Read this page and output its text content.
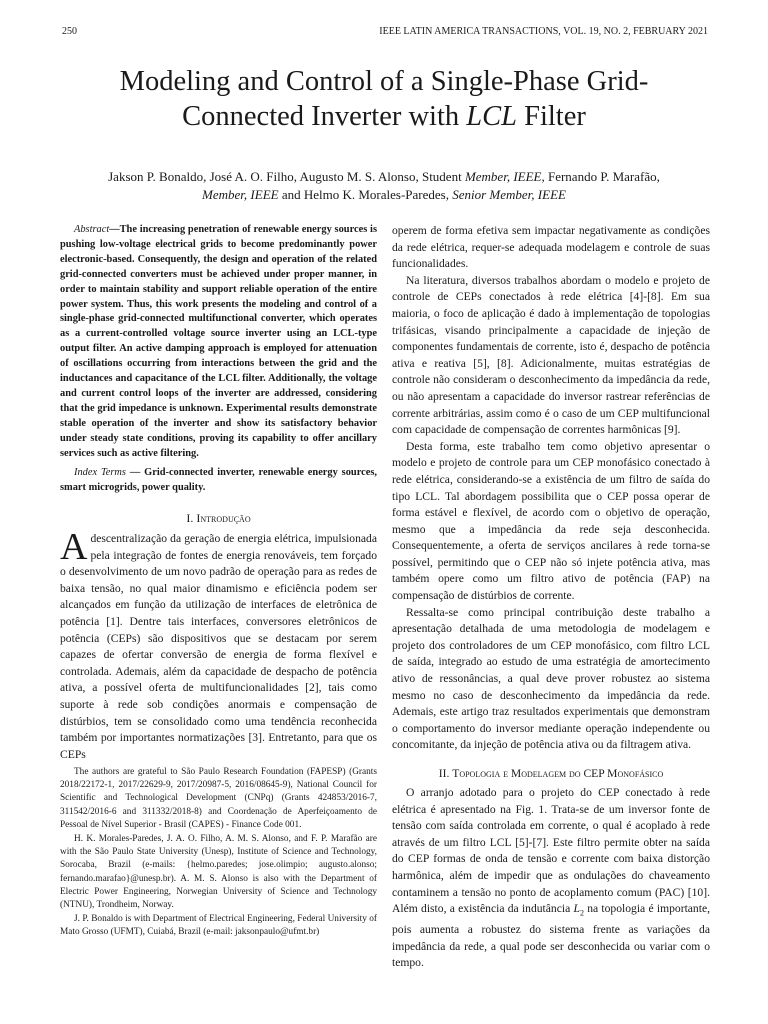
250	IEEE LATIN AMERICA TRANSACTIONS, VOL. 19, NO. 2, FEBRUARY 2021
Modeling and Control of a Single-Phase Grid-Connected Inverter with LCL Filter
Jakson P. Bonaldo, José A. O. Filho, Augusto M. S. Alonso, Student Member, IEEE, Fernando P. Marafão,
Member, IEEE and Helmo K. Morales-Paredes, Senior Member, IEEE

Abstract—The increasing penetration of renewable energy sources is pushing low-voltage electrical grids to become predominantly power electronic-based. Consequently, the design and operation of the related grid-connected converters must be achieved under proper manner, in order to maintain stability and support reliable operation of the entire power system. Thus, this work presents the modeling and control of a single-phase grid-connected multifunctional converter, which operates as a current-controlled voltage source inverter using an LCL-type output filter. An active damping approach is employed for attenuation of oscillations occurring from interactions between the grid and the inductances and capacitance of the LCL filter. Additionally, the voltage and current control loops of the inverter are addressed, considering that the grid impedance is unknown. Experimental results demonstrate stable operation of the inverter and show its satisfactory behavior under steady state conditions, proving its capability to offer ancillary services such as active filtering.

Index Terms — Grid-connected inverter, renewable energy sources, smart microgrids, power quality.

I. Introdução

Adescentralização da geração de energia elétrica, impulsionada pela integração de fontes de energia renováveis, tem forçado o desenvolvimento de um novo padrão de operação para as redes de baixa tensão, no qual maior dinamismo e eficiência podem ser alcançados em função da utilização de interfaces de eletrônica de potência [1]. Dentre tais interfaces, conversores eletrônicos de potência (CEPs) são dispositivos que se destacam por serem capazes de ofertar conversão de energia de forma flexível e controlada. Ademais, além da capacidade de despacho de potência ativa, a possível oferta de multifuncionalidades [2], tais como suporte à rede sob condições anormais e compensação de distúrbios, tem se consolidado como uma tendência reconhecida também por importantes normatizações [3]. Entretanto, para que os CEPs

The authors are grateful to São Paulo Research Foundation (FAPESP) (Grants 2018/22172-1, 2017/22629-9, 2017/20987-5, 2016/08645-9), National Council for Scientific and Technological Development (CNPq) (Grants 424853/2016-7, 311542/2016-6 and 311332/2018-8) and Coordenação de Aperfeiçoamento de Pessoal de Nível Superior - Brasil (CAPES) - Finance Code 001.

H. K. Morales-Paredes, J. A. O. Filho, A. M. S. Alonso, and F. P. Marafão are with the São Paulo State University (Unesp), Institute of Science and Technology, Sorocaba, Brazil (e-mails: {helmo.paredes; jose.olimpio; augusto.alonso; fernando.marafao}@unesp.br). A. M. S. Alonso is also with the Department of Electric Power Engineering, Norwegian University of Science and Technology (NTNU), Trondheim, Norway.

J. P. Bonaldo is with Department of Electrical Engineering, Federal University of Mato Grosso (UFMT), Cuiabá, Brazil (e-mail: jaksonpaulo@ufmt.br)

operem de forma efetiva sem impactar negativamente as condições da rede elétrica, requer-se adequada modelagem e controle de suas funcionalidades.

Na literatura, diversos trabalhos abordam o modelo e projeto de controle de CEPs conectados à rede elétrica [4]-[8]. Em sua maioria, o foco de aplicação é dado à implementação de topologias trifásicas, visando principalmente a capacidade de injeção de componentes fundamentais de corrente, isto é, despacho de potência ativa e reativa [5], [8]. Adicionalmente, muitas estratégias de controle não consideram o desconhecimento da impedância da rede, ou não apresentam a capacidade do inversor rastrear referências de corrente arbitrárias, assim como é o caso de um CEP multifuncional com capacidade de compensação de correntes harmônicas [9].

Desta forma, este trabalho tem como objetivo apresentar o modelo e projeto de controle para um CEP monofásico conectado à rede elétrica, considerando-se a existência de um filtro de saída do tipo LCL. Tal abordagem possibilita que o CEP possa operar de forma estável e flexível, de acordo com o objetivo de operação, mesmo que a impedância da rede seja desconhecida. Consequentemente, a oferta de serviços ancilares à rede torna-se possível, permitindo que o CEP não só injete potência ativa, mas também opere como um filtro ativo de potência (FAP) na compensação de distúrbios de corrente.

Ressalta-se como principal contribuição deste trabalho a apresentação detalhada de uma metodologia de modelagem e projeto dos controladores de um CEP monofásico, com filtro LCL de saída, integrado ao estudo de uma estratégia de amortecimento ativo de ressonâncias, a qual deve prover robustez ao sistema mesmo no caso de desconhecimento da impedância da rede. Ademais, este artigo traz resultados experimentais que demonstram o comportamento do inversor mediante operação independente ou concomitante, da injeção de potência ativa ou da filtragem ativa.

II. Topologia e Modelagem do CEP Monofásico

O arranjo adotado para o projeto do CEP conectado à rede elétrica é apresentado na Fig. 1. Trata-se de um inversor fonte de tensão com saída controlada em corrente, o qual é acoplado à rede através de um filtro LCL [5]-[7]. Este filtro permite obter na saída do CEP formas de onda de tensão e corrente com baixa distorção harmônica, além de impedir que as ondulações do chaveamento contaminem a tensão no ponto de acoplamento comum (PAC) [10]. Além disto, a existência da indutância $L_2$ na topologia é importante, pois aumenta a robustez do sistema frente as variações da impedância da rede, a qual pode ser desconhecida ou variar com o tempo.
